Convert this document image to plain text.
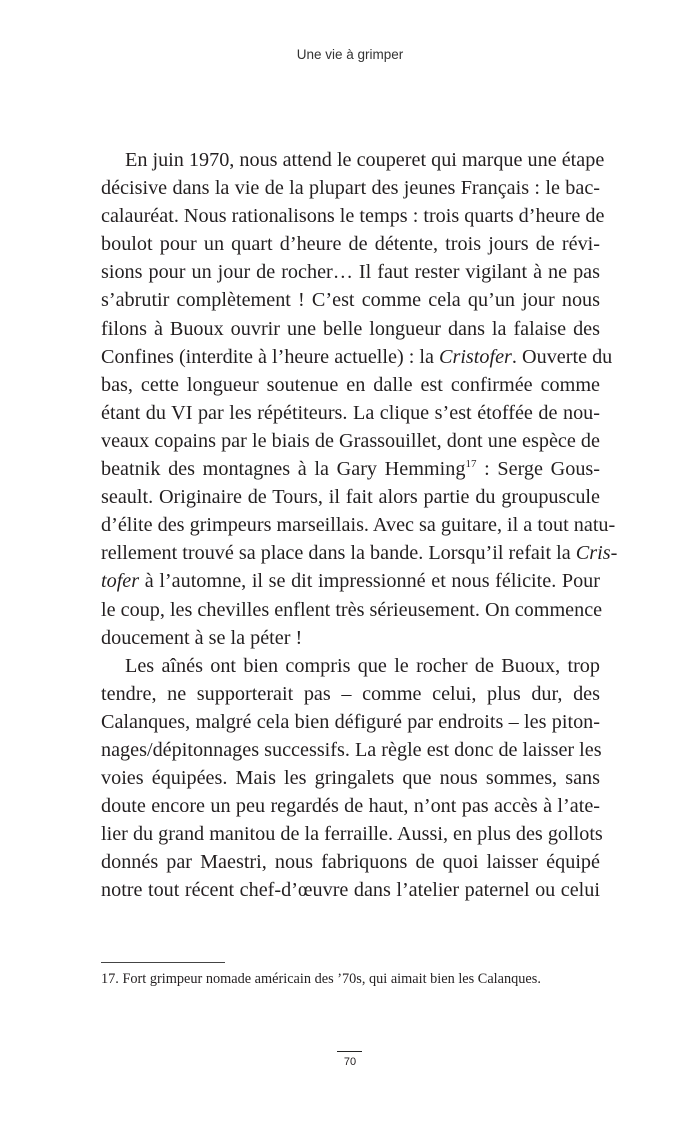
Une vie à grimper
En juin 1970, nous attend le couperet qui marque une étape
décisive dans la vie de la plupart des jeunes Français : le bac-
calauréat. Nous rationalisons le temps : trois quarts d’heure de
boulot pour un quart d’heure de détente, trois jours de révi-
sions pour un jour de rocher… Il faut rester vigilant à ne pas
s’abrutir complètement ! C’est comme cela qu’un jour nous
filons à Buoux ouvrir une belle longueur dans la falaise des
Confines (interdite à l’heure actuelle) : la Cristofer. Ouverte du
bas, cette longueur soutenue en dalle est confirmée comme
étant du VI par les répétiteurs. La clique s’est étoffée de nou-
veaux copains par le biais de Grassouillet, dont une espèce de
beatnik des montagnes à la Gary Hemming$^{17}$ : Serge Gous-
seault. Originaire de Tours, il fait alors partie du groupuscule
d’élite des grimpeurs marseillais. Avec sa guitare, il a tout natu-
rellement trouvé sa place dans la bande. Lorsqu’il refait la Cris-
tofer à l’automne, il se dit impressionné et nous félicite. Pour
le coup, les chevilles enflent très sérieusement. On commence
doucement à se la péter !
Les aînés ont bien compris que le rocher de Buoux, trop
tendre, ne supporterait pas – comme celui, plus dur, des
Calanques, malgré cela bien défiguré par endroits – les piton-
nages/dépitonnages successifs. La règle est donc de laisser les
voies équipées. Mais les gringalets que nous sommes, sans
doute encore un peu regardés de haut, n’ont pas accès à l’ate-
lier du grand manitou de la ferraille. Aussi, en plus des gollots
donnés par Maestri, nous fabriquons de quoi laisser équipé
notre tout récent chef-d’œuvre dans l’atelier paternel ou celui
17. Fort grimpeur nomade américain des ’70s, qui aimait bien les Calanques.
70
